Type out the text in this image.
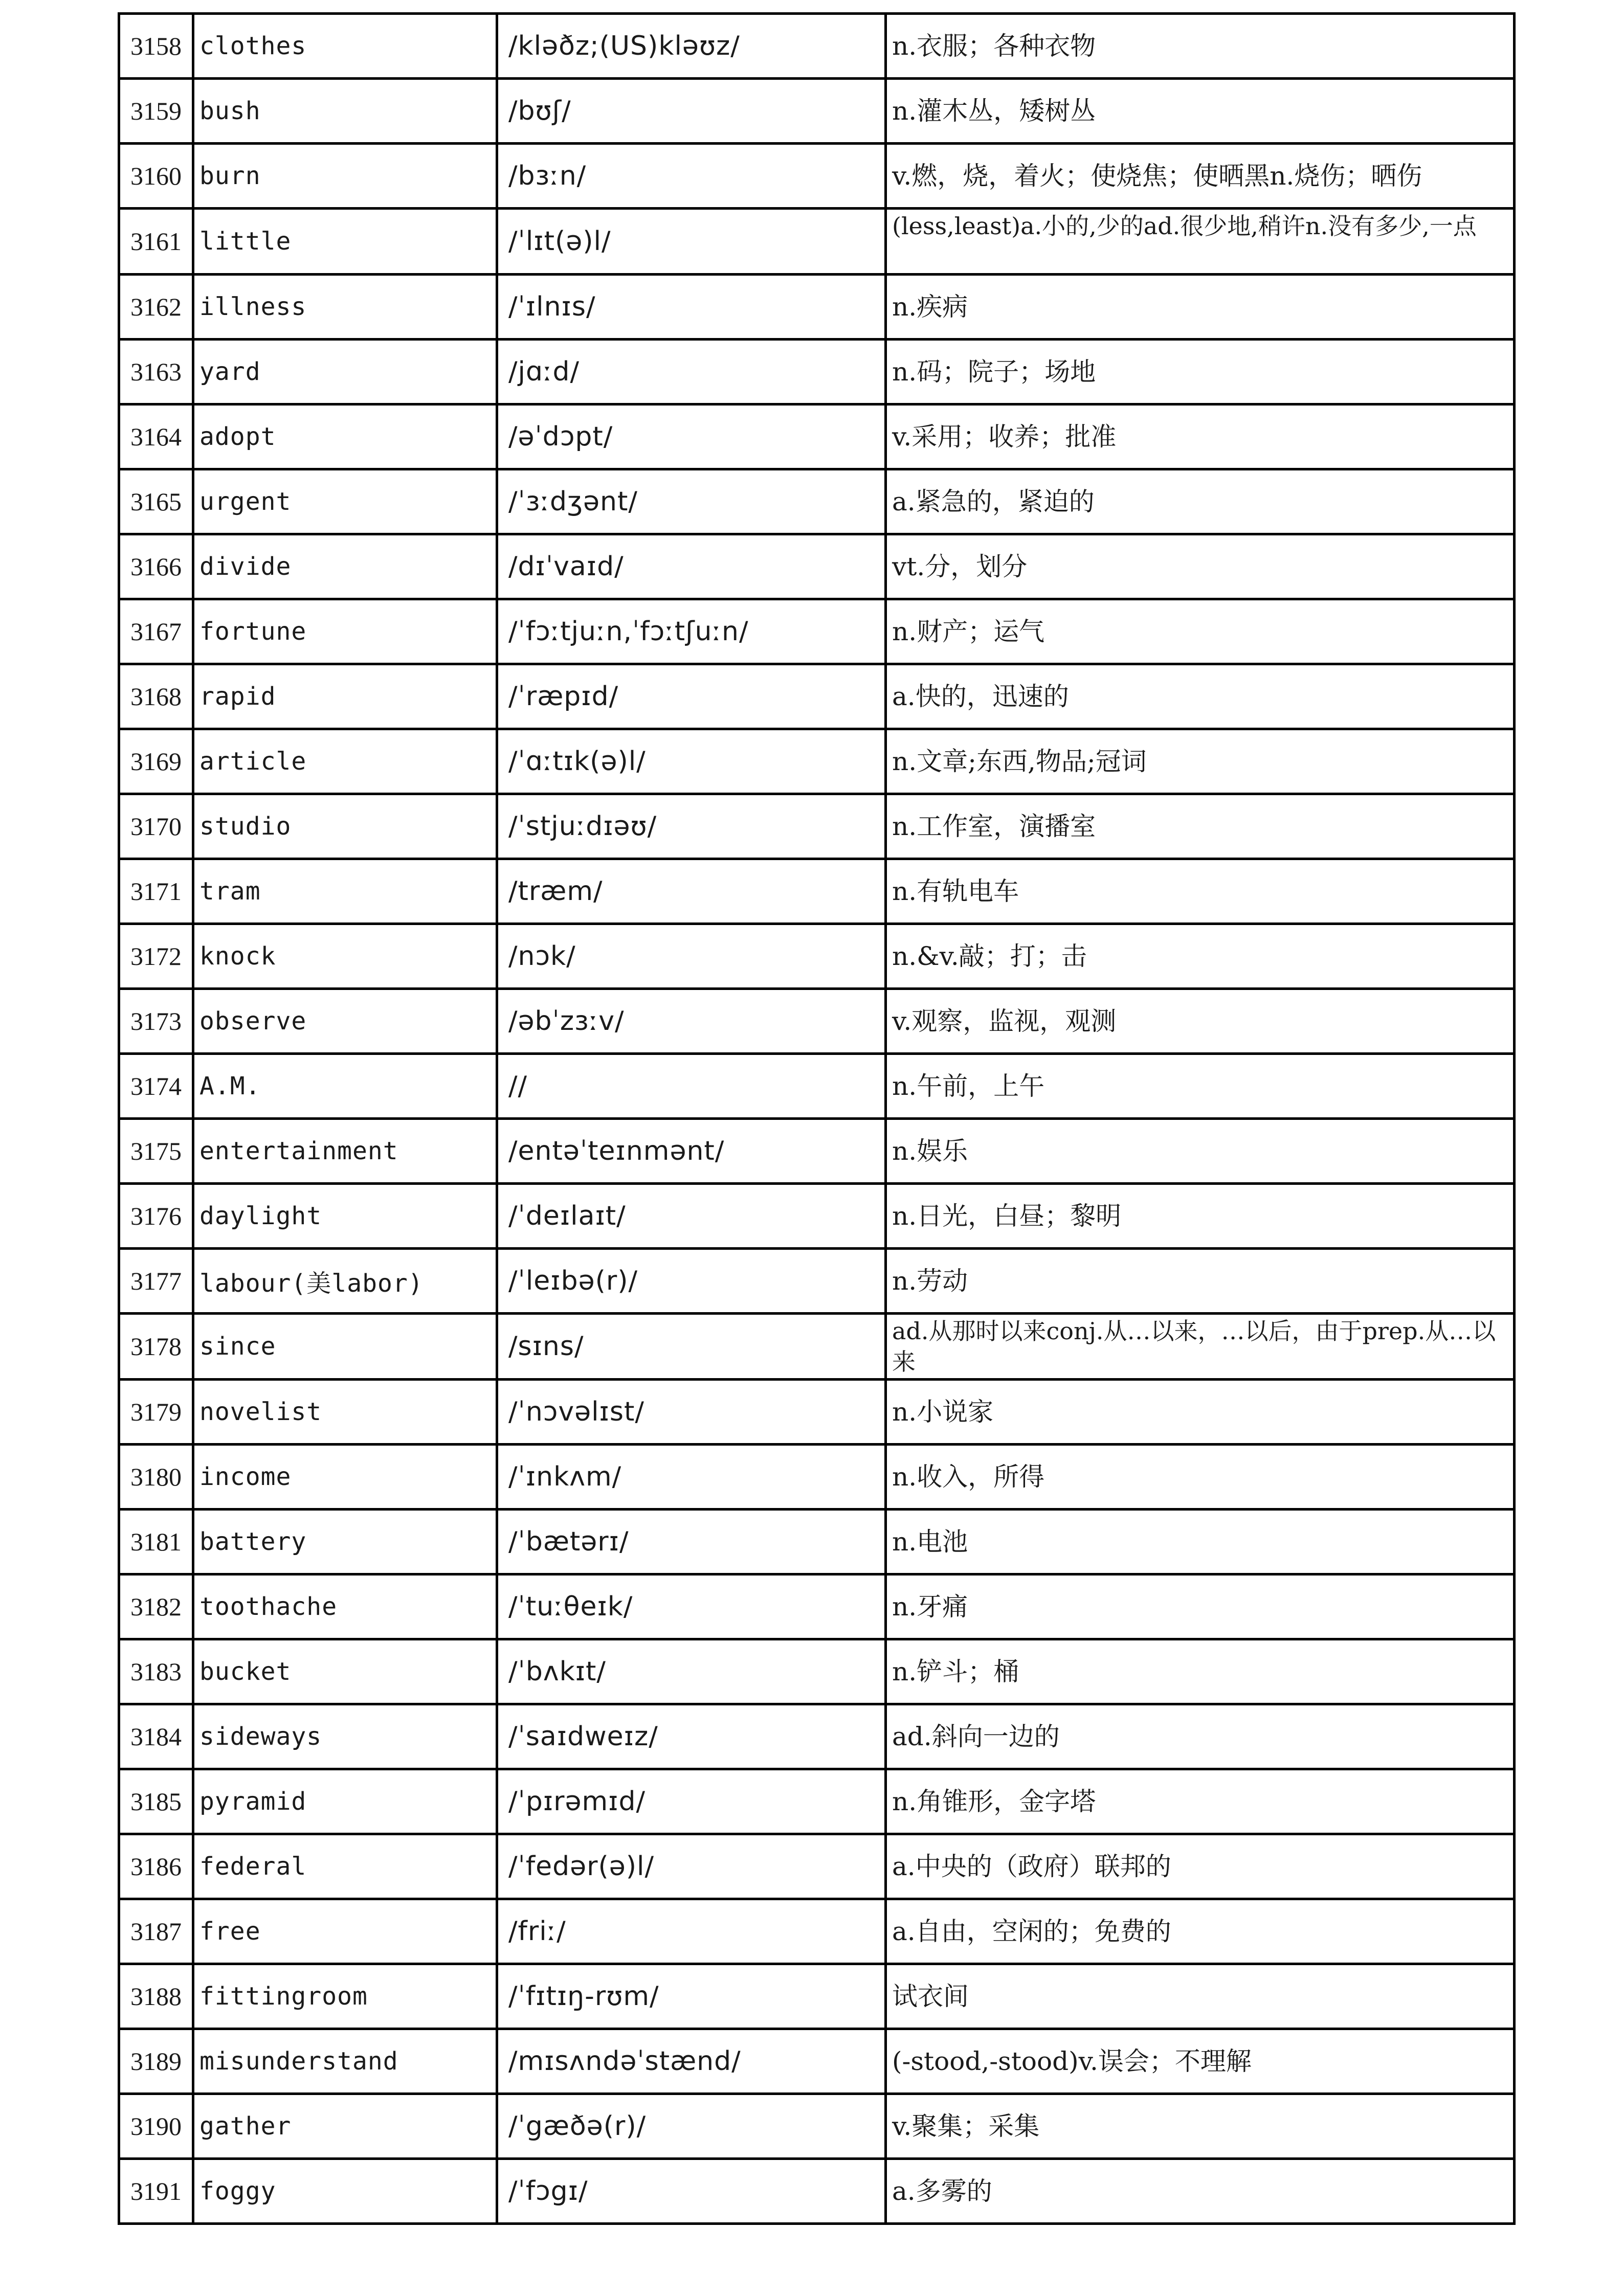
3158	clothes	/kləðz;(US)kləʊz/	n.衣服；各种衣物
3159	bush	/bʊʃ/	n.灌木丛，矮树丛
3160	burn	/bɜːn/	v.燃，烧，着火；使烧焦；使晒黑n.烧伤；晒伤
3161	little	/ˈlɪt(ə)l/	(less,least)a.小的,少的ad.很少地,稍许n.没有多少,一点
3162	illness	/ˈɪlnɪs/	n.疾病
3163	yard	/jɑːd/	n.码；院子；场地
3164	adopt	/əˈdɔpt/	v.采用；收养；批准
3165	urgent	/ˈɜːdʒənt/	a.紧急的，紧迫的
3166	divide	/dɪˈvaɪd/	vt.分，划分
3167	fortune	/ˈfɔːtjuːn,ˈfɔːtʃuːn/	n.财产；运气
3168	rapid	/ˈræpɪd/	a.快的，迅速的
3169	article	/ˈɑːtɪk(ə)l/	n.文章;东西,物品;冠词
3170	studio	/ˈstjuːdɪəʊ/	n.工作室，演播室
3171	tram	/træm/	n.有轨电车
3172	knock	/nɔk/	n.&v.敲；打；击
3173	observe	/əbˈzɜːv/	v.观察，监视，观测
3174	A.M.	//	n.午前，上午
3175	entertainment	/entəˈteɪnmənt/	n.娱乐
3176	daylight	/ˈdeɪlaɪt/	n.日光，白昼；黎明
3177	labour(美labor)	/ˈleɪbə(r)/	n.劳动
3178	since	/sɪns/	ad.从那时以来conj.从…以来，…以后，由于prep.从…以来
3179	novelist	/ˈnɔvəlɪst/	n.小说家
3180	income	/ˈɪnkʌm/	n.收入，所得
3181	battery	/ˈbætərɪ/	n.电池
3182	toothache	/ˈtuːθeɪk/	n.牙痛
3183	bucket	/ˈbʌkɪt/	n.铲斗；桶
3184	sideways	/ˈsaɪdweɪz/	ad.斜向一边的
3185	pyramid	/ˈpɪrəmɪd/	n.角锥形，金字塔
3186	federal	/ˈfedər(ə)l/	a.中央的（政府）联邦的
3187	free	/friː/	a.自由，空闲的；免费的
3188	fittingroom	/ˈfɪtɪŋ-rʊm/	试衣间
3189	misunderstand	/mɪsʌndəˈstænd/	(-stood,-stood)v.误会；不理解
3190	gather	/ˈgæðə(r)/	v.聚集；采集
3191	foggy	/ˈfɔgɪ/	a.多雾的
